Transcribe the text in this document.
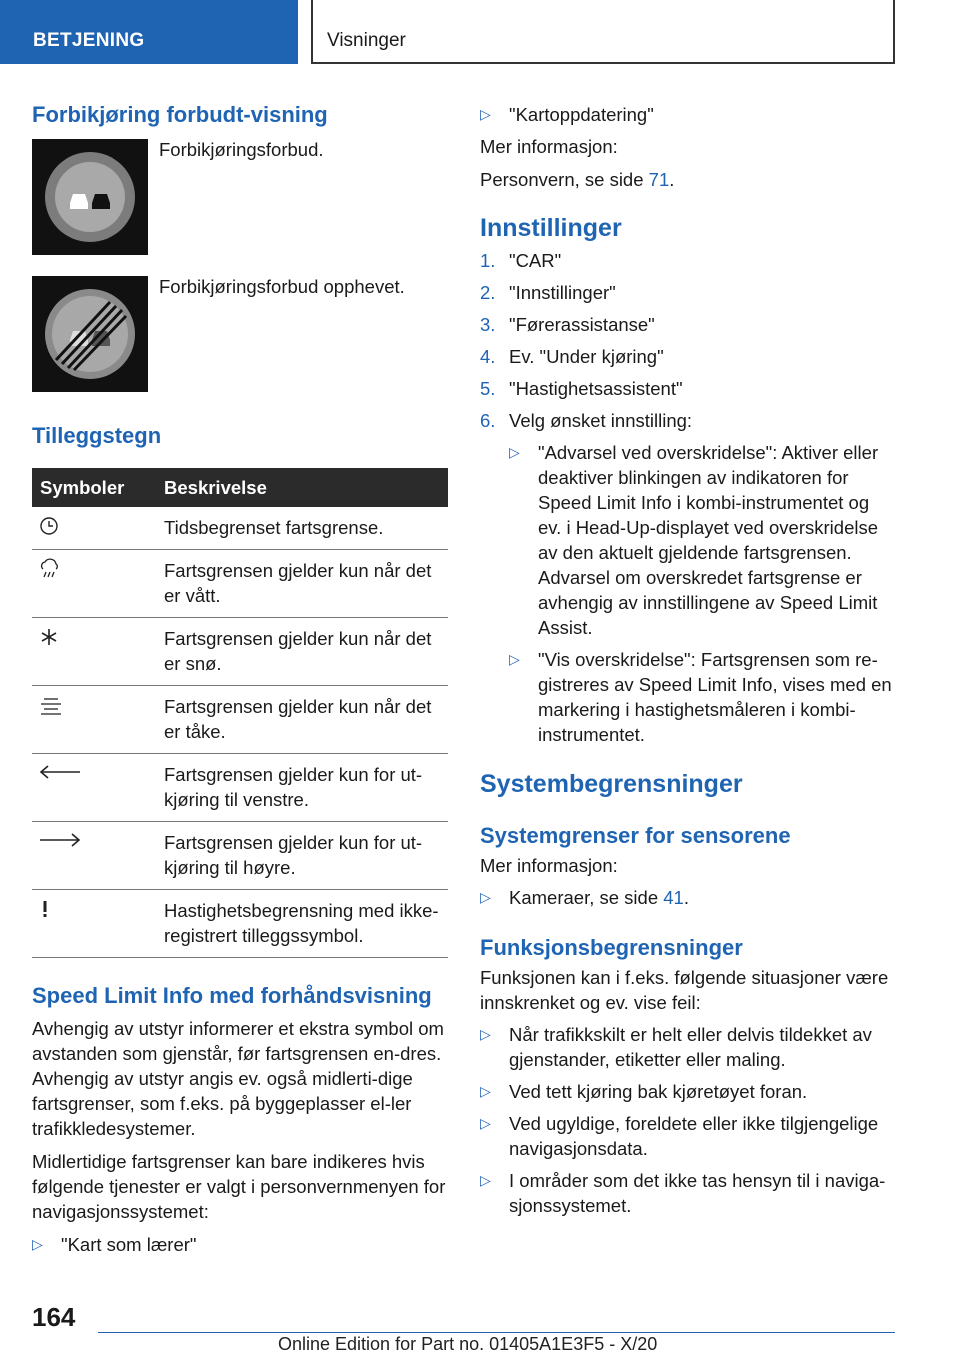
BETJENING	Visninger
Forbikjøring forbudt-visning
Forbikjøringsforbud.
Forbikjøringsforbud opphevet.
Tilleggstegn
Symboler	Beskrivelse

	Tidsbegrenset fartsgrense.

	Fartsgrensen gjelder kun når det er vått.

	Fartsgrensen gjelder kun når det er snø.

	Fartsgrensen gjelder kun når det er tåke.

	Fartsgrensen gjelder kun for ut-kjøring til venstre.

	Fartsgrensen gjelder kun for ut-kjøring til høyre.

	Hastighetsbegrensning med ikke-registrert tilleggssymbol.
Speed Limit Info med forhåndsvisning
Avhengig av utstyr informerer et ekstra symbol om avstanden som gjenstår, før fartsgrensen en-dres. Avhengig av utstyr angis ev. også midlerti-dige fartsgrenser, som f.eks. på byggeplasser el-ler trafikkledesystemer.
Midlertidige fartsgrenser kan bare indikeres hvis følgende tjenester er valgt i personvernmenyen for navigasjonssystemet:
▷ "Kart som lærer"
▷ "Kartoppdatering"
Mer informasjon:
Personvern, se side 71.
Innstillinger
1. "CAR"
2. "Innstillinger"
3. "Førerassistanse"
4. Ev. "Under kjøring"
5. "Hastighetsassistent"
6. Velg ønsket innstilling:
▷ "Advarsel ved overskridelse": Aktiver eller deaktiver blinkingen av indikatoren for Speed Limit Info i kombi-instrumentet og ev. i Head-Up-displayet ved overskridelse av den aktuelt gjeldende fartsgrensen. Advarsel om overskredet fartsgrense er avhengig av innstillingene av Speed Limit Assist.
▷ "Vis overskridelse": Fartsgrensen som re-gistreres av Speed Limit Info, vises med en markering i hastighetsmåleren i kombi-instrumentet.
Systembegrensninger
Systemgrenser for sensorene
Mer informasjon:
▷ Kameraer, se side 41.
Funksjonsbegrensninger
Funksjonen kan i f.eks. følgende situasjoner være innskrenket og ev. vise feil:
▷ Når trafikkskilt er helt eller delvis tildekket av gjenstander, etiketter eller maling.
▷ Ved tett kjøring bak kjøretøyet foran.
▷ Ved ugyldige, foreldete eller ikke tilgjengelige navigasjonsdata.
▷ I områder som det ikke tas hensyn til i naviga-sjonssystemet.
164
Online Edition for Part no. 01405A1E3F5 - X/20
